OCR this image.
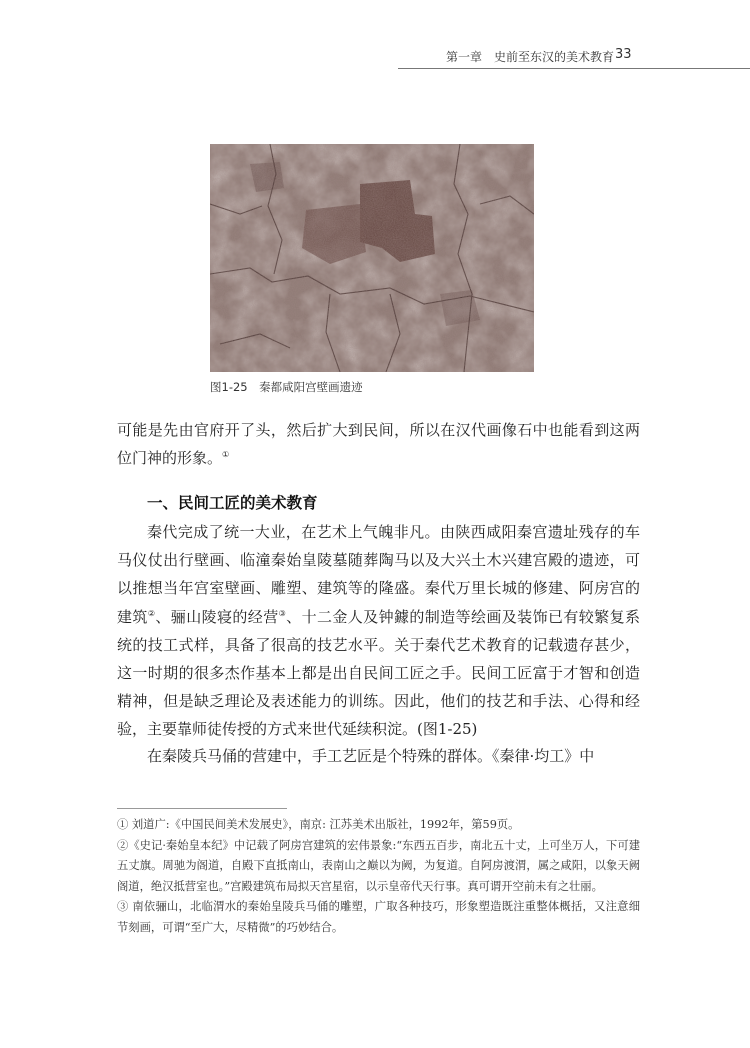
第一章　史前至东汉的美术教育 33
图1-25　秦都咸阳宫壁画遗迹
可能是先由官府开了头，然后扩大到民间，所以在汉代画像石中也能看到这两位门神的形象。①
一、民间工匠的美术教育
秦代完成了统一大业，在艺术上气魄非凡。由陕西咸阳秦宫遗址残存的车马仪仗出行壁画、临潼秦始皇陵墓随葬陶马以及大兴土木兴建宫殿的遗迹，可以推想当年宫室壁画、雕塑、建筑等的隆盛。秦代万里长城的修建、阿房宫的建筑②、骊山陵寝的经营③、十二金人及钟鐻的制造等绘画及装饰已有较繁复系统的技工式样，具备了很高的技艺水平。关于秦代艺术教育的记载遗存甚少，这一时期的很多杰作基本上都是出自民间工匠之手。民间工匠富于才智和创造精神，但是缺乏理论及表述能力的训练。因此，他们的技艺和手法、心得和经验，主要靠师徒传授的方式来世代延续积淀。(图1-25)
在秦陵兵马俑的营建中，手工艺匠是个特殊的群体。《秦律·均工》中

① 刘道广:《中国民间美术发展史》，南京: 江苏美术出版社，1992年，第59页。

②《史记·秦始皇本纪》中记载了阿房宫建筑的宏伟景象:“东西五百步，南北五十丈，上可坐万人，下可建五丈旗。周驰为阁道，自殿下直抵南山，表南山之巅以为阙，为复道。自阿房渡渭，属之咸阳，以象天阙阁道，绝汉抵营室也。”宫殿建筑布局拟天宫星宿，以示皇帝代天行事。真可谓开空前未有之壮丽。

③ 南依骊山，北临渭水的秦始皇陵兵马俑的雕塑，广取各种技巧，形象塑造既注重整体概括，又注意细节刻画，可谓“至广大，尽精微”的巧妙结合。
